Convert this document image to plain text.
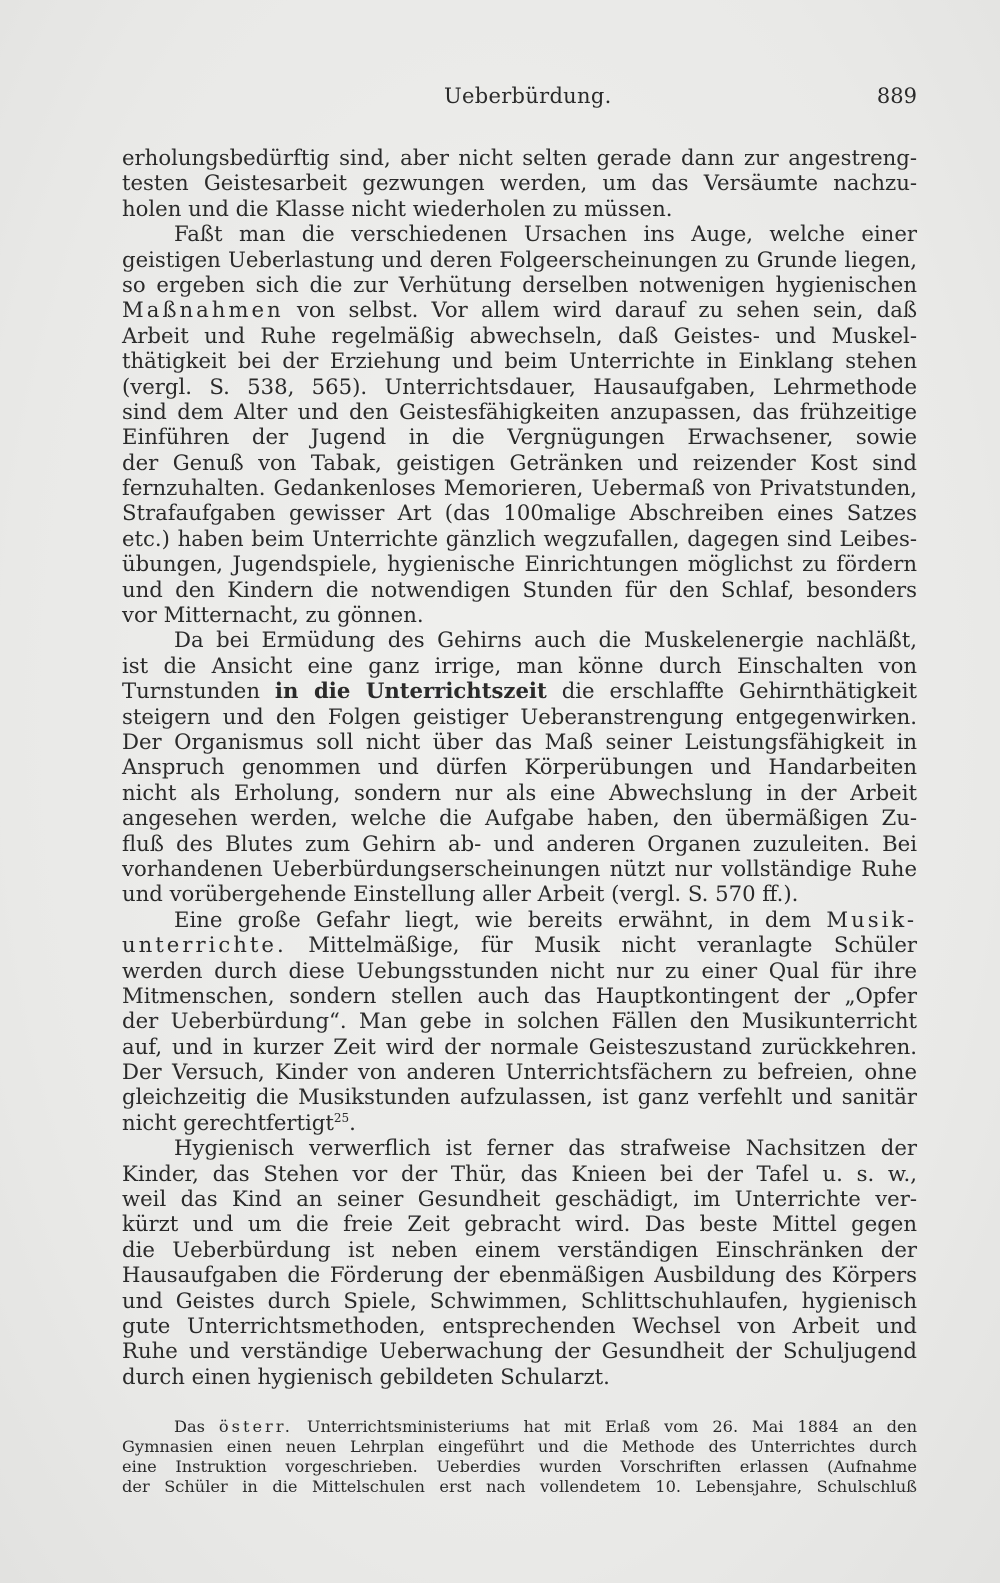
Ueberbürdung.	889
erholungsbedürftig sind, aber nicht selten gerade dann zur angestreng-
testen Geistesarbeit gezwungen werden, um das Versäumte nachzu-
holen und die Klasse nicht wiederholen zu müssen.
Faßt man die verschiedenen Ursachen ins Auge, welche einer
geistigen Ueberlastung und deren Folgeerscheinungen zu Grunde liegen,
so ergeben sich die zur Verhütung derselben notwenigen hygienischen
Maßnahmen von selbst. Vor allem wird darauf zu sehen sein, daß
Arbeit und Ruhe regelmäßig abwechseln, daß Geistes- und Muskel-
thätigkeit bei der Erziehung und beim Unterrichte in Einklang stehen
(vergl. S. 538, 565). Unterrichtsdauer, Hausaufgaben, Lehrmethode
sind dem Alter und den Geistesfähigkeiten anzupassen, das frühzeitige
Einführen der Jugend in die Vergnügungen Erwachsener, sowie
der Genuß von Tabak, geistigen Getränken und reizender Kost sind
fernzuhalten. Gedankenloses Memorieren, Uebermaß von Privatstunden,
Strafaufgaben gewisser Art (das 100malige Abschreiben eines Satzes
etc.) haben beim Unterrichte gänzlich wegzufallen, dagegen sind Leibes-
übungen, Jugendspiele, hygienische Einrichtungen möglichst zu fördern
und den Kindern die notwendigen Stunden für den Schlaf, besonders
vor Mitternacht, zu gönnen.
Da bei Ermüdung des Gehirns auch die Muskelenergie nachläßt,
ist die Ansicht eine ganz irrige, man könne durch Einschalten von
Turnstunden in die Unterrichtszeit die erschlaffte Gehirnthätigkeit
steigern und den Folgen geistiger Ueberanstrengung entgegenwirken.
Der Organismus soll nicht über das Maß seiner Leistungsfähigkeit in
Anspruch genommen und dürfen Körperübungen und Handarbeiten
nicht als Erholung, sondern nur als eine Abwechslung in der Arbeit
angesehen werden, welche die Aufgabe haben, den übermäßigen Zu-
fluß des Blutes zum Gehirn ab- und anderen Organen zuzuleiten. Bei
vorhandenen Ueberbürdungserscheinungen nützt nur vollständige Ruhe
und vorübergehende Einstellung aller Arbeit (vergl. S. 570 ff.).
Eine große Gefahr liegt, wie bereits erwähnt, in dem Musik-
unterrichte. Mittelmäßige, für Musik nicht veranlagte Schüler
werden durch diese Uebungsstunden nicht nur zu einer Qual für ihre
Mitmenschen, sondern stellen auch das Hauptkontingent der „Opfer
der Ueberbürdung“. Man gebe in solchen Fällen den Musikunterricht
auf, und in kurzer Zeit wird der normale Geisteszustand zurückkehren.
Der Versuch, Kinder von anderen Unterrichtsfächern zu befreien, ohne
gleichzeitig die Musikstunden aufzulassen, ist ganz verfehlt und sanitär
nicht gerechtfertigt$^{25}$.
Hygienisch verwerflich ist ferner das strafweise Nachsitzen der
Kinder, das Stehen vor der Thür, das Knieen bei der Tafel u. s. w.,
weil das Kind an seiner Gesundheit geschädigt, im Unterrichte ver-
kürzt und um die freie Zeit gebracht wird. Das beste Mittel gegen
die Ueberbürdung ist neben einem verständigen Einschränken der
Hausaufgaben die Förderung der ebenmäßigen Ausbildung des Körpers
und Geistes durch Spiele, Schwimmen, Schlittschuhlaufen, hygienisch
gute Unterrichtsmethoden, entsprechenden Wechsel von Arbeit und
Ruhe und verständige Ueberwachung der Gesundheit der Schuljugend
durch einen hygienisch gebildeten Schularzt.
Das österr. Unterrichtsministeriums hat mit Erlaß vom 26. Mai 1884 an den
Gymnasien einen neuen Lehrplan eingeführt und die Methode des Unterrichtes durch
eine Instruktion vorgeschrieben. Ueberdies wurden Vorschriften erlassen (Aufnahme
der Schüler in die Mittelschulen erst nach vollendetem 10. Lebensjahre, Schulschluß
